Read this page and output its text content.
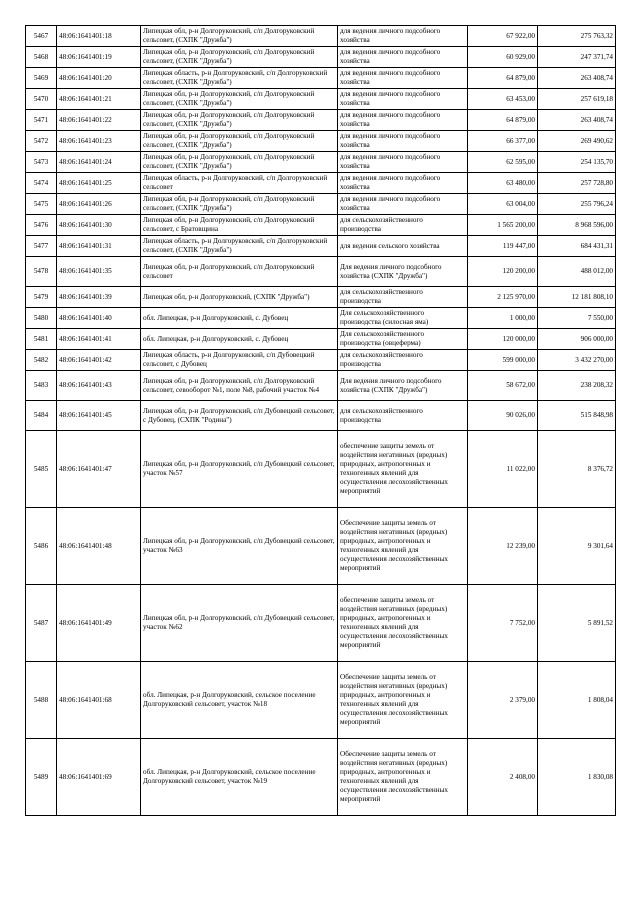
5467	48:06:1641401:18	Липецкая обл, р-н Долгоруковский, с/п Долгоруковский сельсовет, (СХПК "Дружба")	для ведения личного подсобного хозяйства	67 922,00	275 763,32
5468	48:06:1641401:19	Липецкая обл, р-н Долгоруковский, с/п Долгоруковский сельсовет, (СХПК "Дружба")	для ведения личного подсобного хозяйства	60 929,00	247 371,74
5469	48:06:1641401:20	Липецкая область, р-н Долгоруковский, с/п Долгоруковский сельсовет, (СХПК "Дружба")	для ведения личного подсобного хозяйства	64 879,00	263 408,74
5470	48:06:1641401:21	Липецкая обл, р-н Долгоруковский, с/п Долгоруковский сельсовет, (СХПК "Дружба")	для ведения личного подсобного хозяйства	63 453,00	257 619,18
5471	48:06:1641401:22	Липецкая обл, р-н Долгоруковский, с/п Долгоруковский сельсовет, (СХПК "Дружба")	для ведения личного подсобного хозяйства	64 879,00	263 408,74
5472	48:06:1641401:23	Липецкая обл, р-н Долгоруковский, с/п Долгоруковский сельсовет, (СХПК "Дружба")	для ведения личного подсобного хозяйства	66 377,00	269 490,62
5473	48:06:1641401:24	Липецкая обл, р-н Долгоруковский, с/п Долгоруковский сельсовет, (СХПК "Дружба")	для ведения личного подсобного хозяйства	62 595,00	254 135,70
5474	48:06:1641401:25	Липецкая область, р-н Долгоруковский, с/п Долгоруковский сельсовет	для ведения личного подсобного хозяйства	63 480,00	257 728,80
5475	48:06:1641401:26	Липецкая обл, р-н Долгоруковский, с/п Долгоруковский сельсовет, (СХПК "Дружба")	для ведения личного подсобного хозяйства	63 004,00	255 796,24
5476	48:06:1641401:30	Липецкая обл, р-н Долгоруковский, с/п Долгоруковский сельсовет, с Братовщина	для сельскохозяйственного производства	1 565 200,00	8 968 596,00
5477	48:06:1641401:31	Липецкая область, р-н Долгоруковский, с/п Долгоруковский сельсовет, (СХПК "Дружба")	для ведения сельского хозяйства	119 447,00	684 431,31
5478	48:06:1641401:35	Липецкая обл, р-н Долгоруковский, с/п Долгоруковский сельсовет	Для ведения личного подсобного хозяйства (СХПК "Дружба")	120 200,00	488 012,00
5479	48:06:1641401:39	Липецкая обл, р-н Долгоруковский, (СХПК "Дружба")	для сельскохозяйственного производства	2 125 970,00	12 181 808,10
5480	48:06:1641401:40	обл. Липецкая, р-н Долгоруковский, с. Дубовец	Для сельскохозяйственного производства (силосная яма)	1 000,00	7 550,00
5481	48:06:1641401:41	обл. Липецкая, р-н Долгоруковский, с. Дубовец	Для сельскохозяйственного производства (овцеферма)	120 000,00	906 000,00
5482	48:06:1641401:42	Липецкая область, р-н Долгоруковский, с/п Дубовецкий сельсовет, с Дубовец	для сельскохозяйственного производства	599 000,00	3 432 270,00
5483	48:06:1641401:43	Липецкая обл, р-н Долгоруковский, с/п Долгоруковский сельсовет, севооборот №1, поле №8, рабочий участок №4	Для ведения личного подсобного хозяйства (СХПК "Дружба")	58 672,00	238 208,32
5484	48:06:1641401:45	Липецкая обл, р-н Долгоруковский, с/п Дубовецкий сельсовет, с Дубовец, (СХПК "Родина")	для сельскохозяйственного производства	90 026,00	515 848,98
5485	48:06:1641401:47	Липецкая обл, р-н Долгоруковский, с/п Дубовецкий сельсовет, участок №57	обеспечение защиты земель от воздействия негативных (вредных) природных, антропогенных и техногенных явлений для осуществления лесохозяйственных мероприятий	11 022,00	8 376,72
5486	48:06:1641401:48	Липецкая обл, р-н Долгоруковский, с/п Дубовецкий сельсовет, участок №63	Обеспечение защиты земель от воздействия негативных (вредных) природных, антропогенных и техногенных явлений для осуществления лесохозяйственных мероприятий	12 239,00	9 301,64
5487	48:06:1641401:49	Липецкая обл, р-н Долгоруковский, с/п Дубовецкий сельсовет, участок №62	обеспечение защиты земель от воздействия негативных (вредных) природных, антропогенных и техногенных явлений для осуществления лесохозяйственных мероприятий	7 752,00	5 891,52
5488	48:06:1641401:68	обл. Липецкая, р-н Долгоруковский, сельское поселение Долгоруковский сельсовет, участок №18	Обеспечение защиты земель от воздействия негативных (вредных) природных, антропогенных и техногенных явлений для осуществления лесохозяйственных мероприятий	2 379,00	1 808,04
5489	48:06:1641401:69	обл. Липецкая, р-н Долгоруковский, сельское поселение Долгоруковский сельсовет, участок №19	Обеспечение защиты земель от воздействия негативных (вредных) природных, антропогенных и техногенных явлений для осуществления лесохозяйственных мероприятий	2 408,00	1 830,08
